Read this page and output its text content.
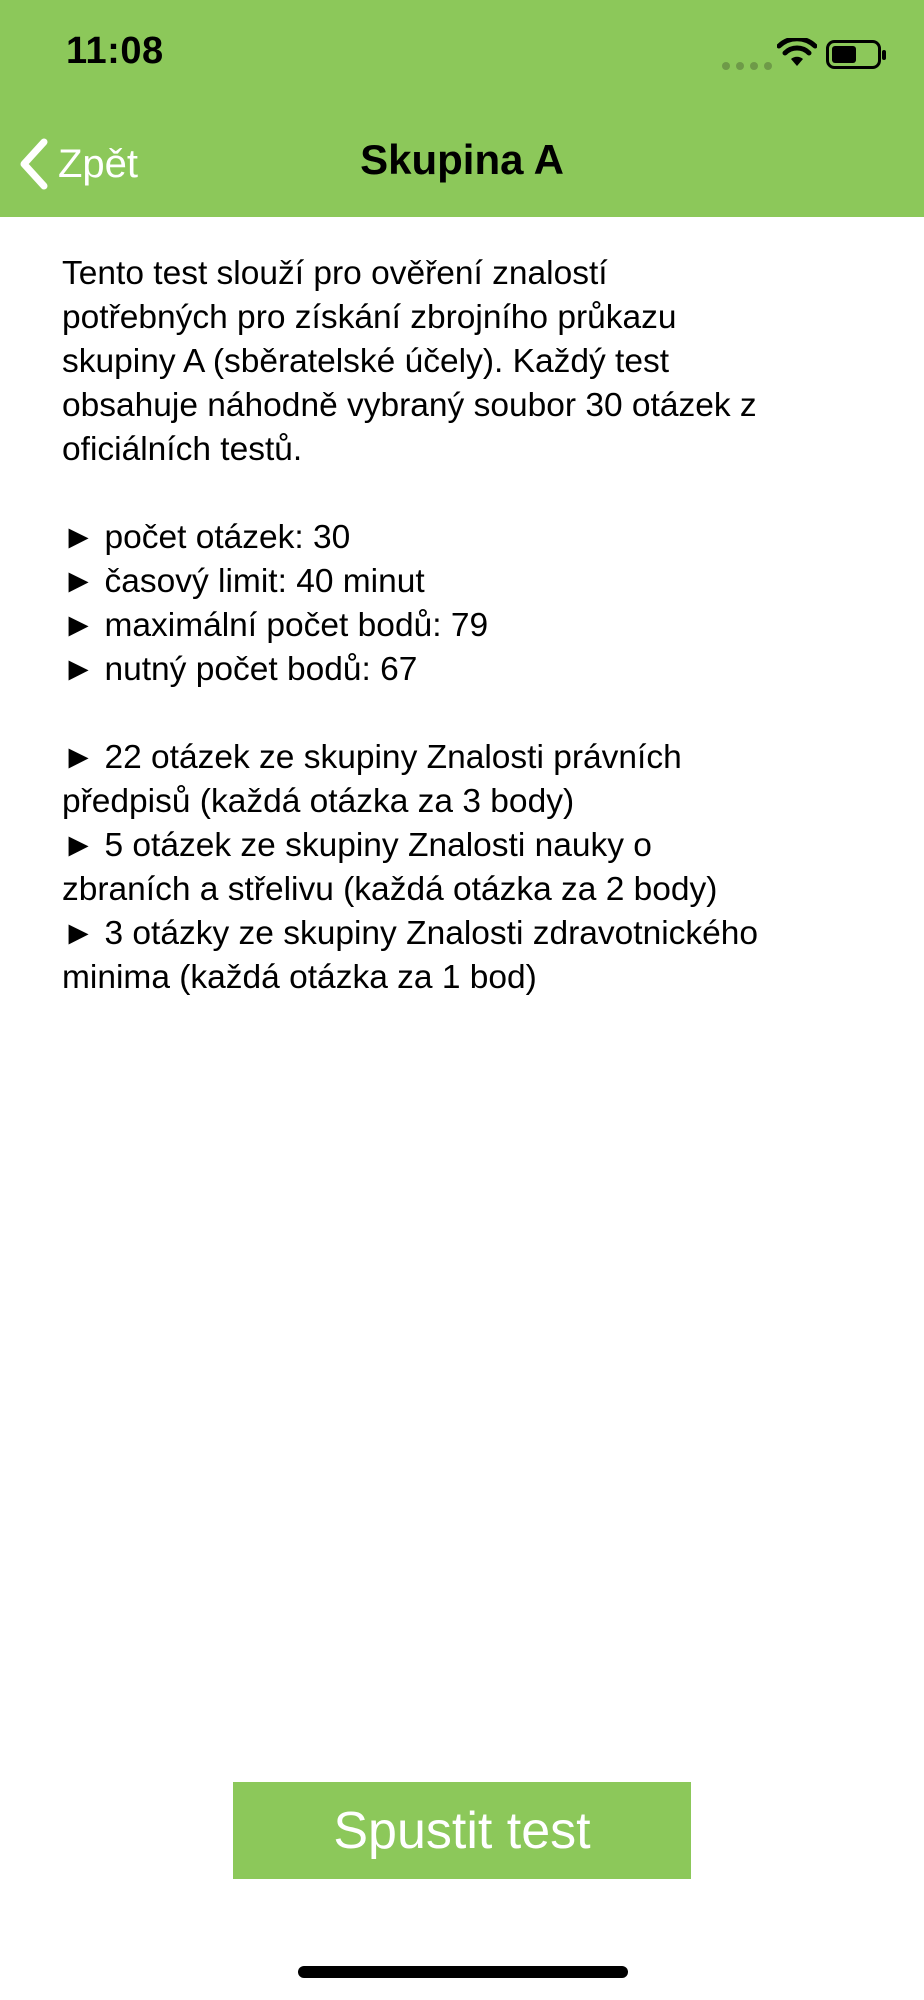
11:08
Zpět	Skupina A

Tento test slouží pro ověření znalostí

potřebných pro získání zbrojního průkazu

skupiny A (sběratelské účely). Každý test

obsahuje náhodně vybraný soubor 30 otázek z

oficiálních testů.

► počet otázek: 30

► časový limit: 40 minut

► maximální počet bodů: 79

► nutný počet bodů: 67

► 22 otázek ze skupiny Znalosti právních

předpisů (každá otázka za 3 body)

► 5 otázek ze skupiny Znalosti nauky o

zbraních a střelivu (každá otázka za 2 body)

► 3 otázky ze skupiny Znalosti zdravotnického

minima (každá otázka za 1 bod)

Spustit test
